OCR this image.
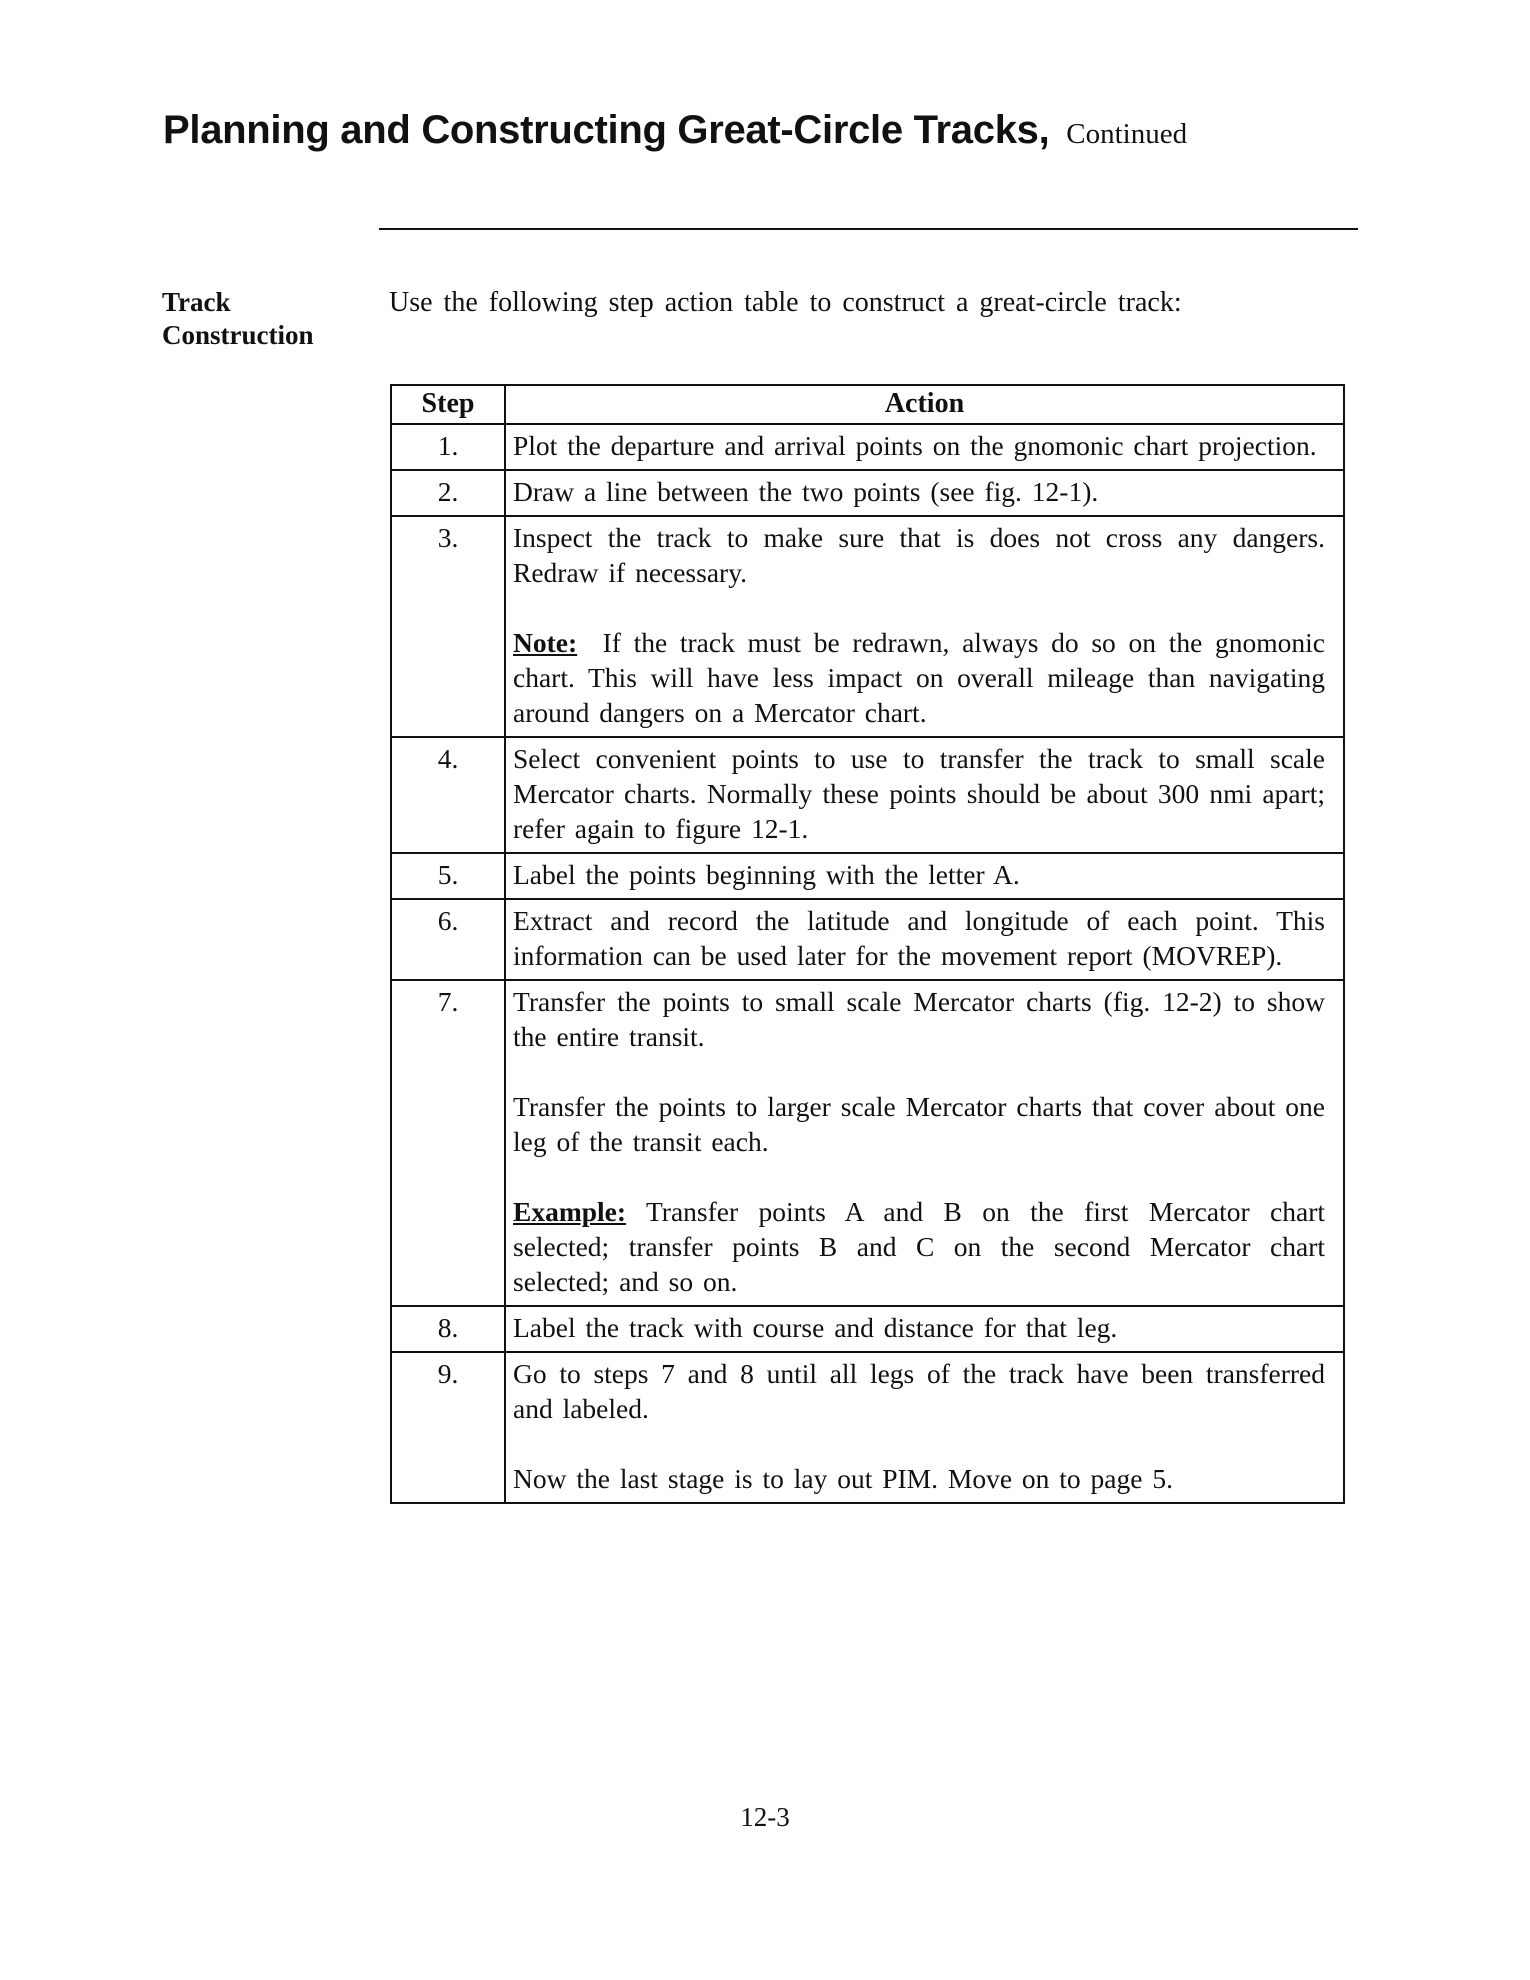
Planning and Constructing Great-Circle Tracks, Continued
Track
Construction
Use the following step action table to construct a great-circle track:
Step	Action
1.	Plot the departure and arrival points on the gnomonic chart projection.

2.	Draw a line between the two points (see fig. 12-1).

3.	Inspect the track to make sure that is does not cross any dangers. Redraw if necessary.

Note: If the track must be redrawn, always do so on the gnomonic chart. This will have less impact on overall mileage than navigating around dangers on a Mercator chart.

4.	Select convenient points to use to transfer the track to small scale Mercator charts. Normally these points should be about 300 nmi apart; refer again to figure 12-1.

5.	Label the points beginning with the letter A.

6.	Extract and record the latitude and longitude of each point. This information can be used later for the movement report (MOVREP).

7.	Transfer the points to small scale Mercator charts (fig. 12-2) to show the entire transit.

Transfer the points to larger scale Mercator charts that cover about one leg of the transit each.

Example: Transfer points A and B on the first Mercator chart selected; transfer points B and C on the second Mercator chart selected; and so on.

8.	Label the track with course and distance for that leg.

9.	Go to steps 7 and 8 until all legs of the track have been transferred and labeled.

Now the last stage is to lay out PIM. Move on to page 5.

12-3
